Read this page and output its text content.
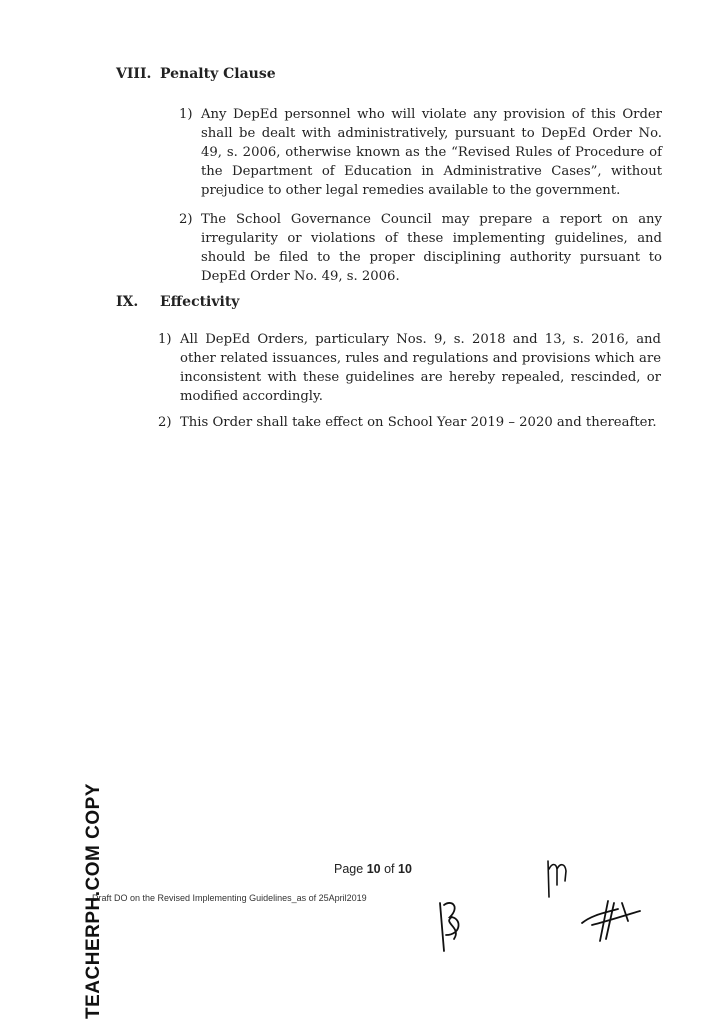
VIII. Penalty Clause
1) Any DepEd personnel who will violate any provision of this Order shall be dealt with administratively, pursuant to DepEd Order No. 49, s. 2006, otherwise known as the “Revised Rules of Procedure of the Department of Education in Administrative Cases”, without prejudice to other legal remedies available to the government.
2) The School Governance Council may prepare a report on any irregularity or violations of these implementing guidelines, and should be filed to the proper disciplining authority pursuant to DepEd Order No. 49, s. 2006.
IX. Effectivity
1) All DepEd Orders, particulary Nos. 9, s. 2018 and 13, s. 2016, and other related issuances, rules and regulations and provisions which are inconsistent with these guidelines are hereby repealed, rescinded, or modified accordingly.
2) This Order shall take effect on School Year 2019 – 2020 and thereafter.
Page 10 of 10
Draft DO on the Revised Implementing Guidelines_as of 25April2019
TEACHERPH.COM COPY
